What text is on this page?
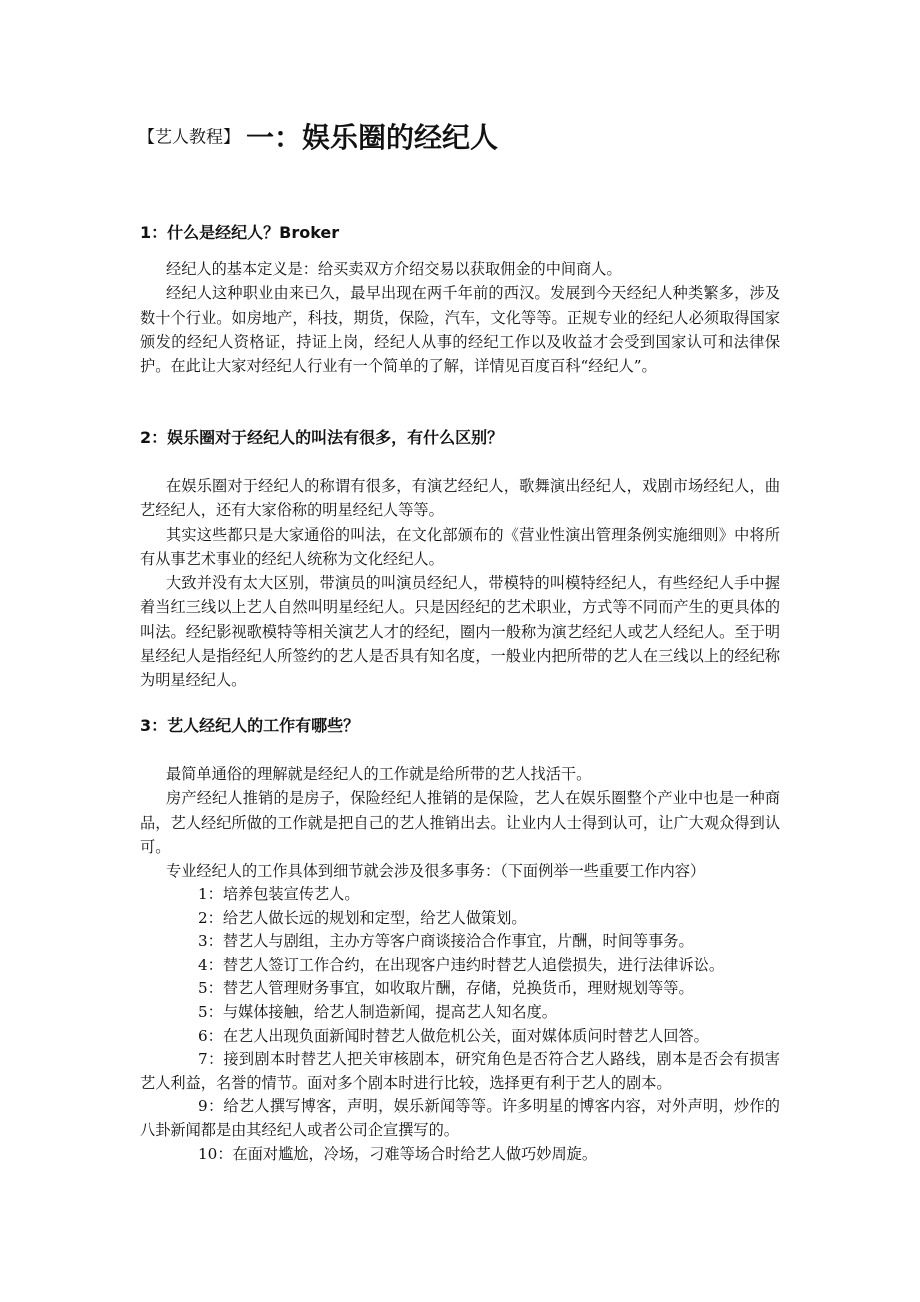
【艺人教程】 一：娱乐圈的经纪人
1：什么是经纪人？Broker

经纪人的基本定义是：给买卖双方介绍交易以获取佣金的中间商人。

经纪人这种职业由来已久，最早出现在两千年前的西汉。发展到今天经纪人种类繁多，涉及数十个行业。如房地产，科技，期货，保险，汽车，文化等等。正规专业的经纪人必须取得国家颁发的经纪人资格证，持证上岗，经纪人从事的经纪工作以及收益才会受到国家认可和法律保护。在此让大家对经纪人行业有一个简单的了解，详情见百度百科“经纪人”。

2：娱乐圈对于经纪人的叫法有很多，有什么区别？

在娱乐圈对于经纪人的称谓有很多，有演艺经纪人，歌舞演出经纪人，戏剧市场经纪人，曲艺经纪人，还有大家俗称的明星经纪人等等。

其实这些都只是大家通俗的叫法，在文化部颁布的《营业性演出管理条例实施细则》中将所有从事艺术事业的经纪人统称为文化经纪人。

大致并没有太大区别，带演员的叫演员经纪人，带模特的叫模特经纪人，有些经纪人手中握着当红三线以上艺人自然叫明星经纪人。只是因经纪的艺术职业，方式等不同而产生的更具体的叫法。经纪影视歌模特等相关演艺人才的经纪，圈内一般称为演艺经纪人或艺人经纪人。至于明星经纪人是指经纪人所签约的艺人是否具有知名度，一般业内把所带的艺人在三线以上的经纪称为明星经纪人。

3：艺人经纪人的工作有哪些？

最简单通俗的理解就是经纪人的工作就是给所带的艺人找活干。

房产经纪人推销的是房子，保险经纪人推销的是保险，艺人在娱乐圈整个产业中也是一种商品，艺人经纪所做的工作就是把自己的艺人推销出去。让业内人士得到认可，让广大观众得到认可。

专业经纪人的工作具体到细节就会涉及很多事务：（下面例举一些重要工作内容）

1：培养包装宣传艺人。

2：给艺人做长远的规划和定型，给艺人做策划。

3：替艺人与剧组，主办方等客户商谈接洽合作事宜，片酬，时间等事务。

4：替艺人签订工作合约，在出现客户违约时替艺人追偿损失，进行法律诉讼。

5：替艺人管理财务事宜，如收取片酬，存储，兑换货币，理财规划等等。

5：与媒体接触，给艺人制造新闻，提高艺人知名度。

6：在艺人出现负面新闻时替艺人做危机公关，面对媒体质问时替艺人回答。

7：接到剧本时替艺人把关审核剧本，研究角色是否符合艺人路线，剧本是否会有损害艺人利益，名誉的情节。面对多个剧本时进行比较，选择更有利于艺人的剧本。

9：给艺人撰写博客，声明，娱乐新闻等等。许多明星的博客内容，对外声明，炒作的八卦新闻都是由其经纪人或者公司企宣撰写的。

10：在面对尴尬，冷场，刁难等场合时给艺人做巧妙周旋。
